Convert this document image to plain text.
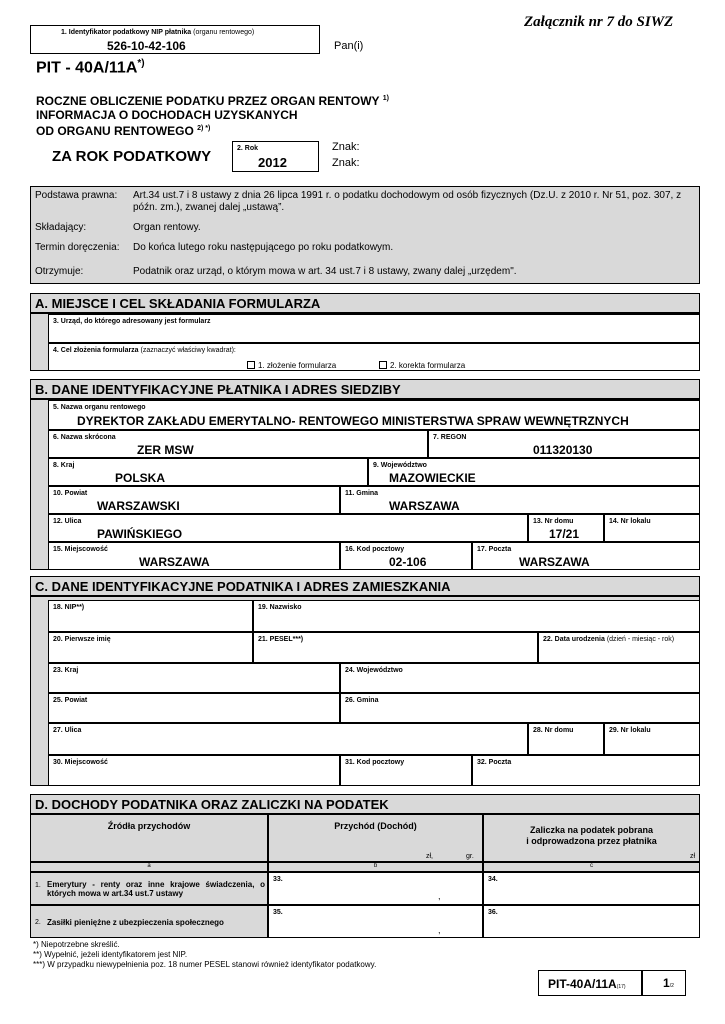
Załącznik nr 7 do SIWZ
1. Identyfikator podatkowy NIP płatnika (organu rentowego)
526-10-42-106	Pan(i)
PIT - 40A/11A*)
ROCZNE OBLICZENIE PODATKU PRZEZ ORGAN RENTOWY $^{1)}$
INFORMACJA O DOCHODACH UZYSKANYCH
OD ORGANU RENTOWEGO $^{2) *)}$
ZA ROK PODATKOWY	2. Rok
2012
Znak:
Znak:
Podstawa prawna: Art.34 ust.7 i 8 ustawy z dnia 26 lipca 1991 r. o podatku dochodowym od osób fizycznych (Dz.U. z 2010 r. Nr 51, poz. 307, z późn. zm.), zwanej dalej „ustawą”.
Składający:	Organ rentowy.
Termin doręczenia: Do końca lutego roku następującego po roku podatkowym.
Otrzymuje:	Podatnik oraz urząd, o którym mowa w art. 34 ust.7 i 8 ustawy, zwany dalej „urzędem".
A. MIEJSCE I CEL SKŁADANIA FORMULARZA
3. Urząd, do którego adresowany jest formularz
4. Cel złożenia formularza (zaznaczyć właściwy kwadrat):
1. złożenie formularza	2. korekta formularza
B. DANE IDENTYFIKACYJNE PŁATNIKA I ADRES SIEDZIBY
5. Nazwa organu rentowego
DYREKTOR ZAKŁADU EMERYTALNO- RENTOWEGO MINISTERSTWA SPRAW WEWNĘTRZNYCH
6. Nazwa skrócona
ZER MSW
7. REGON
011320130
8. Kraj
POLSKA
9. Województwo
MAZOWIECKIE
10. Powiat
WARSZAWSKI
11. Gmina
WARSZAWA
12. Ulica
PAWIŃSKIEGO
13. Nr domu
17/21
14. Nr lokalu
15. Miejscowość
WARSZAWA
16. Kod pocztowy
02-106
17. Poczta
WARSZAWA
C. DANE IDENTYFIKACYJNE PODATNIKA I ADRES ZAMIESZKANIA
18. NIP**)	19. Nazwisko
20. Pierwsze imię	21. PESEL***)	22. Data urodzenia (dzień - miesiąc - rok)
23. Kraj	24. Województwo
25. Powiat	26. Gmina
27. Ulica	28. Nr domu	29. Nr lokalu
30. Miejscowość	31. Kod pocztowy	32. Poczta
D. DOCHODY PODATNIKA ORAZ ZALICZKI NA PODATEK
Źródła przychodów	Przychód (Dochód)
zł,	gr.
Zaliczka na podatek pobrana
i odprowadzona przez płatnika
zł
a	b	c
1. Emerytury - renty oraz inne krajowe świadczenia, o których mowa w art.34 ust.7 ustawy
33.
,
34.
2. Zasiłki pieniężne z ubezpieczenia społecznego
35.
,
36.
*) Niepotrzebne skreślić.
**) Wypełnić, jeżeli identyfikatorem jest NIP.
***) W przypadku niewypełnienia poz. 18 numer PESEL stanowi również identyfikator podatkowy.
PIT-40A/11A(17)	1/2
